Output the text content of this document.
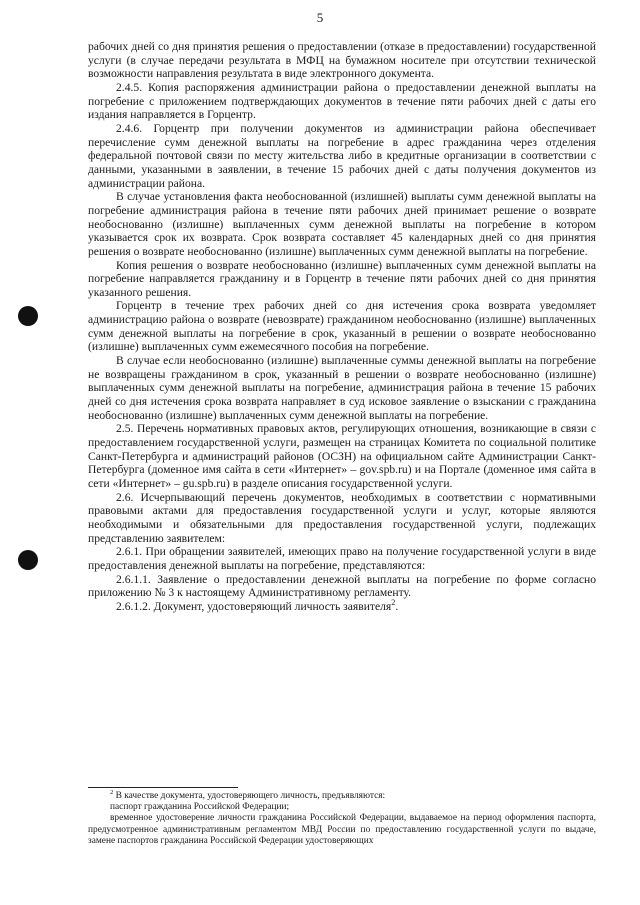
5

рабочих дней со дня принятия решения о предоставлении (отказе в предоставлении) государственной услуги (в случае передачи результата в МФЦ на бумажном носителе при отсутствии технической возможности направления результата в виде электронного документа.

2.4.5. Копия распоряжения администрации района о предоставлении денежной выплаты на погребение с приложением подтверждающих документов в течение пяти рабочих дней с даты его издания направляется в Горцентр.

2.4.6. Горцентр при получении документов из администрации района обеспечивает перечисление сумм денежной выплаты на погребение в адрес гражданина через отделения федеральной почтовой связи по месту жительства либо в кредитные организации в соответствии с данными, указанными в заявлении, в течение 15 рабочих дней с даты получения документов из администрации района.

В случае установления факта необоснованной (излишней) выплаты сумм денежной выплаты на погребение администрация района в течение пяти рабочих дней принимает решение о возврате необоснованно (излишне) выплаченных сумм денежной выплаты на погребение в котором указывается срок их возврата. Срок возврата составляет 45 календарных дней со дня принятия решения о возврате необоснованно (излишне) выплаченных сумм денежной выплаты на погребение.

Копия решения о возврате необоснованно (излишне) выплаченных сумм денежной выплаты на погребение направляется гражданину и в Горцентр в течение пяти рабочих дней со дня принятия указанного решения.

Горцентр в течение трех рабочих дней со дня истечения срока возврата уведомляет администрацию района о возврате (невозврате) гражданином необоснованно (излишне) выплаченных сумм денежной выплаты на погребение в срок, указанный в решении о возврате необоснованно (излишне) выплаченных сумм ежемесячного пособия на погребение.

В случае если необоснованно (излишне) выплаченные суммы денежной выплаты на погребение не возвращены гражданином в срок, указанный в решении о возврате необоснованно (излишне) выплаченных сумм денежной выплаты на погребение, администрация района в течение 15 рабочих дней со дня истечения срока возврата направляет в суд исковое заявление о взыскании с гражданина необоснованно (излишне) выплаченных сумм денежной выплаты на погребение.

2.5. Перечень нормативных правовых актов, регулирующих отношения, возникающие в связи с предоставлением государственной услуги, размещен на страницах Комитета по социальной политике Санкт-Петербурга и администраций районов (ОСЗН) на официальном сайте Администрации Санкт-Петербурга (доменное имя сайта в сети «Интернет» – gov.spb.ru) и на Портале (доменное имя сайта в сети «Интернет» – gu.spb.ru) в разделе описания государственной услуги.

2.6. Исчерпывающий перечень документов, необходимых в соответствии с нормативными правовыми актами для предоставления государственной услуги и услуг, которые являются необходимыми и обязательными для предоставления государственной услуги, подлежащих представлению заявителем:

2.6.1. При обращении заявителей, имеющих право на получение государственной услуги в виде предоставления денежной выплаты на погребение, представляются:

2.6.1.1. Заявление о предоставлении денежной выплаты на погребение по форме согласно приложению № 3 к настоящему Административному регламенту.

2.6.1.2. Документ, удостоверяющий личность заявителя$^2$.

$^2$ В качестве документа, удостоверяющего личность, предъявляются:

паспорт гражданина Российской Федерации;

временное удостоверение личности гражданина Российской Федерации, выдаваемое на период оформления паспорта, предусмотренное административным регламентом МВД России по предоставлению государственной услуги по выдаче, замене паспортов гражданина Российской Федерации удостоверяющих
